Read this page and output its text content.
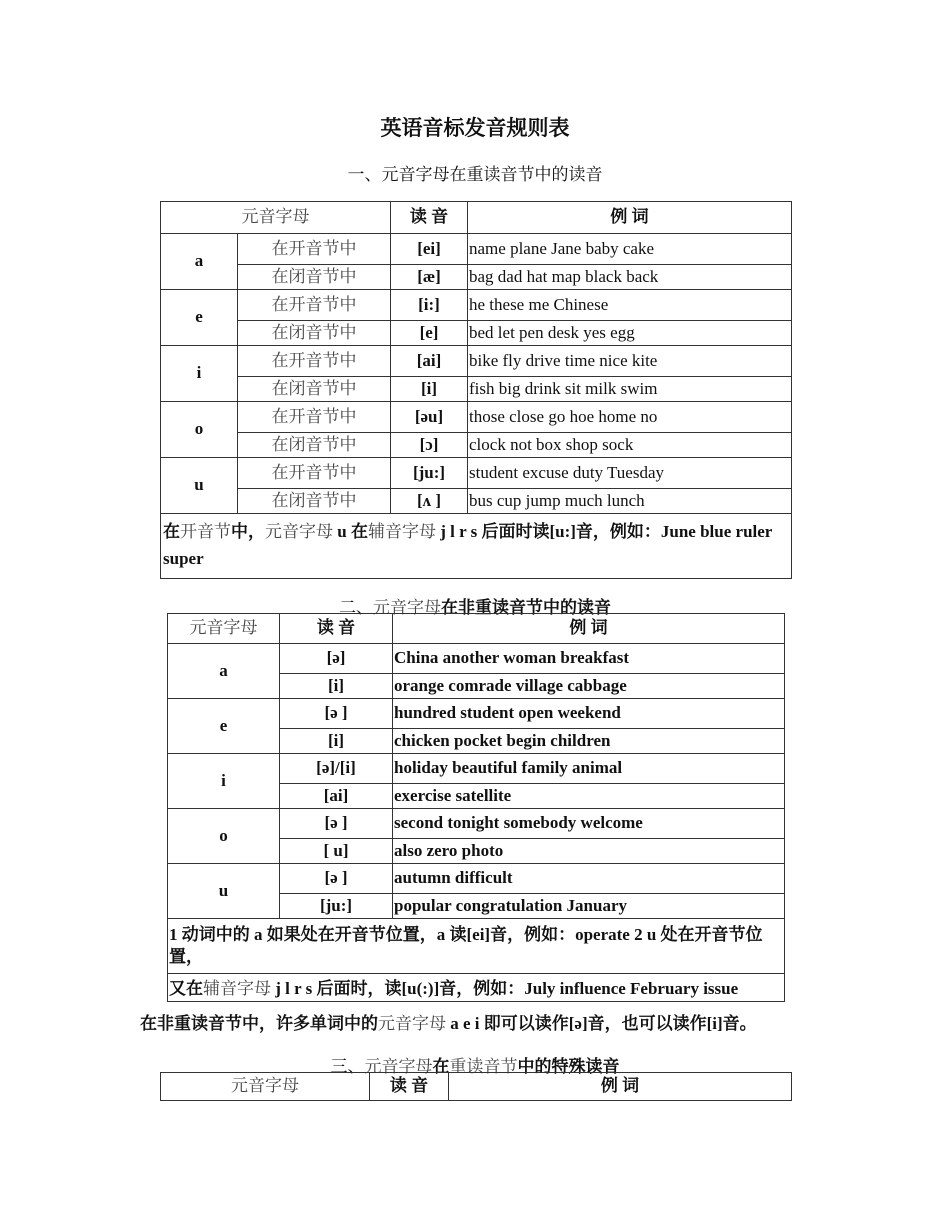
英语音标发音规则表
一、元音字母在重读音节中的读音
元音字母		读 音	例 词
a	在开音节中	[ei]	name plane Jane baby cake
	在闭音节中	[æ]	bag dad hat map black back
e	在开音节中	[i:]	he these me Chinese
	在闭音节中	[e]	bed let pen desk yes egg
i	在开音节中	[ai]	bike fly drive time nice kite
	在闭音节中	[i]	fish big drink sit milk swim
o	在开音节中	[əu]	those close go hoe home no
	在闭音节中	[ɔ]	clock not box shop sock
u	在开音节中	[ju:]	student excuse duty Tuesday
	在闭音节中	[ʌ ]	bus cup jump much lunch
在开音节中，元音字母 u 在辅音字母 j l r s 后面时读[u:]音，例如：June blue ruler super			
二、元音字母在非重读音节中的读音
元音字母	读 音	例 词
a	[ə]	China another woman breakfast
	[i]	orange comrade village cabbage
e	[ə ]	hundred student open weekend
	[i]	chicken pocket begin children
i	[ə]/[i]	holiday beautiful family animal
	[ai]	exercise satellite
o	[ə ]	second tonight somebody welcome
	[ u]	also zero photo
u	[ə ]	autumn difficult
	[ju:]	popular congratulation January
1 动词中的 a 如果处在开音节位置，a 读[ei]音，例如：operate 2 u 处在开音节位置，		
又在辅音字母 j l r s 后面时，读[u(:)]音，例如：July influence February issue		
在非重读音节中，许多单词中的元音字母 a e i 即可以读作[ə]音，也可以读作[i]音。
三、元音字母在重读音节中的特殊读音
元音字母	读 音	例 词
